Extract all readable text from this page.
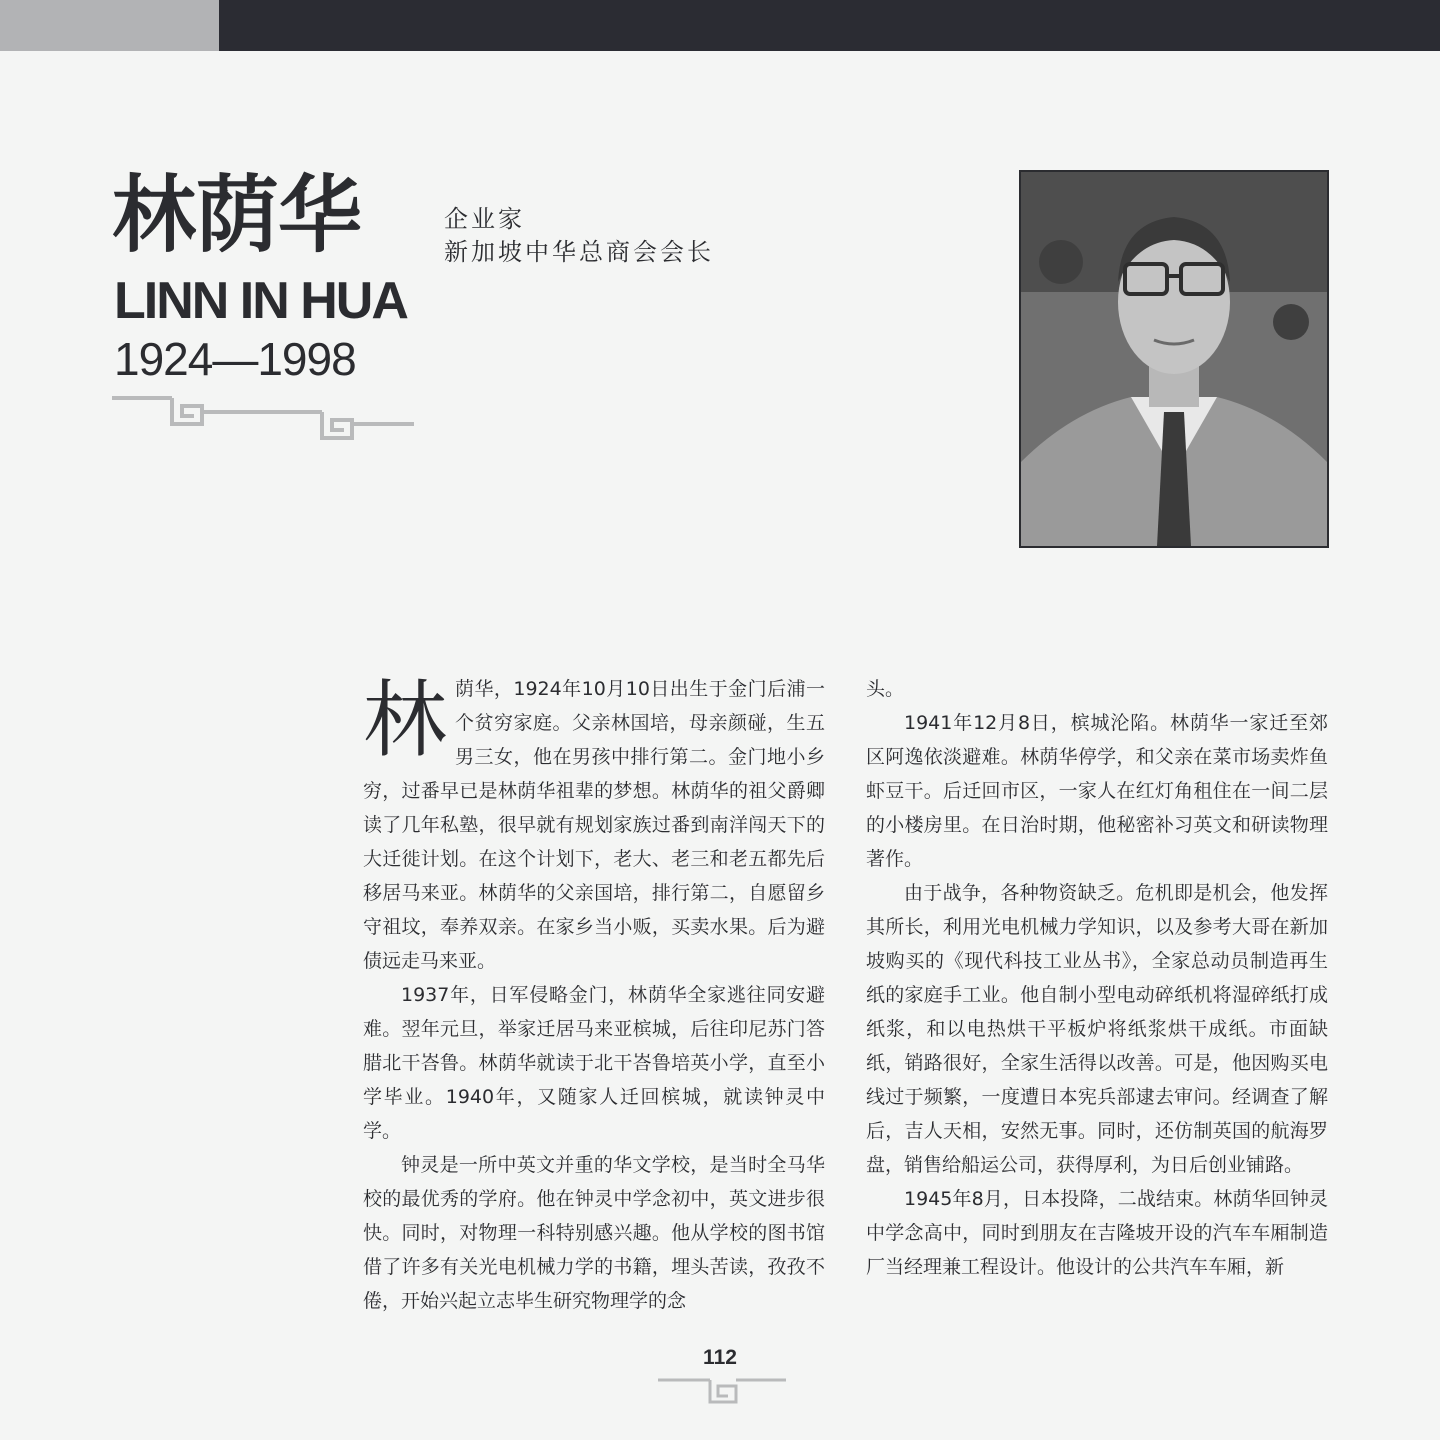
林荫华
LINN IN HUA
1924—1998
企业家
新加坡中华总商会会长

林荫华，1924年10月10日出生于金门后浦一个贫穷家庭。父亲林国培，母亲颜碰，生五男三女，他在男孩中排行第二。金门地小乡穷，过番早已是林荫华祖辈的梦想。林荫华的祖父爵卿读了几年私塾，很早就有规划家族过番到南洋闯天下的大迁徙计划。在这个计划下，老大、老三和老五都先后移居马来亚。林荫华的父亲国培，排行第二，自愿留乡守祖坟，奉养双亲。在家乡当小贩，买卖水果。后为避债远走马来亚。

1937年，日军侵略金门，林荫华全家逃往同安避难。翌年元旦，举家迁居马来亚槟城，后往印尼苏门答腊北干峇鲁。林荫华就读于北干峇鲁培英小学，直至小学毕业。1940年，又随家人迁回槟城，就读钟灵中学。

钟灵是一所中英文并重的华文学校，是当时全马华校的最优秀的学府。他在钟灵中学念初中，英文进步很快。同时，对物理一科特别感兴趣。他从学校的图书馆借了许多有关光电机械力学的书籍，埋头苦读，孜孜不倦，开始兴起立志毕生研究物理学的念

头。

1941年12月8日，槟城沦陷。林荫华一家迁至郊区阿逸依淡避难。林荫华停学，和父亲在菜市场卖炸鱼虾豆干。后迁回市区，一家人在红灯角租住在一间二层的小楼房里。在日治时期，他秘密补习英文和研读物理著作。

由于战争，各种物资缺乏。危机即是机会，他发挥其所长，利用光电机械力学知识，以及参考大哥在新加坡购买的《现代科技工业丛书》，全家总动员制造再生纸的家庭手工业。他自制小型电动碎纸机将湿碎纸打成纸浆，和以电热烘干平板炉将纸浆烘干成纸。市面缺纸，销路很好，全家生活得以改善。可是，他因购买电线过于频繁，一度遭日本宪兵部逮去审问。经调查了解后，吉人天相，安然无事。同时，还仿制英国的航海罗盘，销售给船运公司，获得厚利，为日后创业铺路。

1945年8月，日本投降，二战结束。林荫华回钟灵中学念高中，同时到朋友在吉隆坡开设的汽车车厢制造厂当经理兼工程设计。他设计的公共汽车车厢，新

112
